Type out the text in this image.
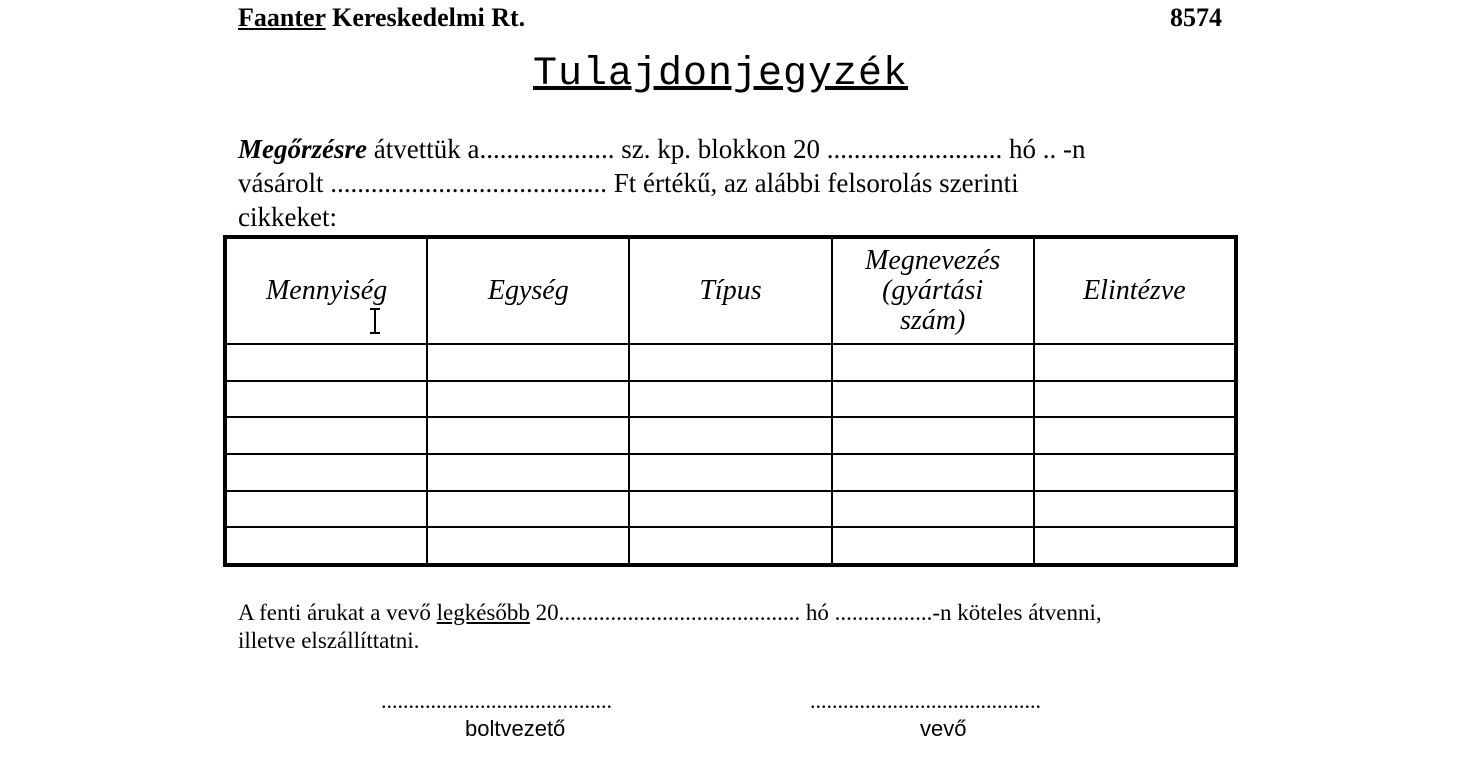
Faanter Kereskedelmi Rt.	8574
Tulajdonjegyzék
Megőrzésre átvettük a.................... sz. kp. blokkon 20 .......................... hó .. -n
vásárolt ......................................... Ft értékű, az alábbi felsorolás szerinti
cikkeket:
Mennyiség	Egység	Típus	Megnevezés (gyártási szám)	Elintézve

A fenti árukat a vevő legkésőbb 20.......................................... hó .................-n köteles átvenni,
illetve elszállíttatni.
..........................................	..........................................
boltvezető	vevő
